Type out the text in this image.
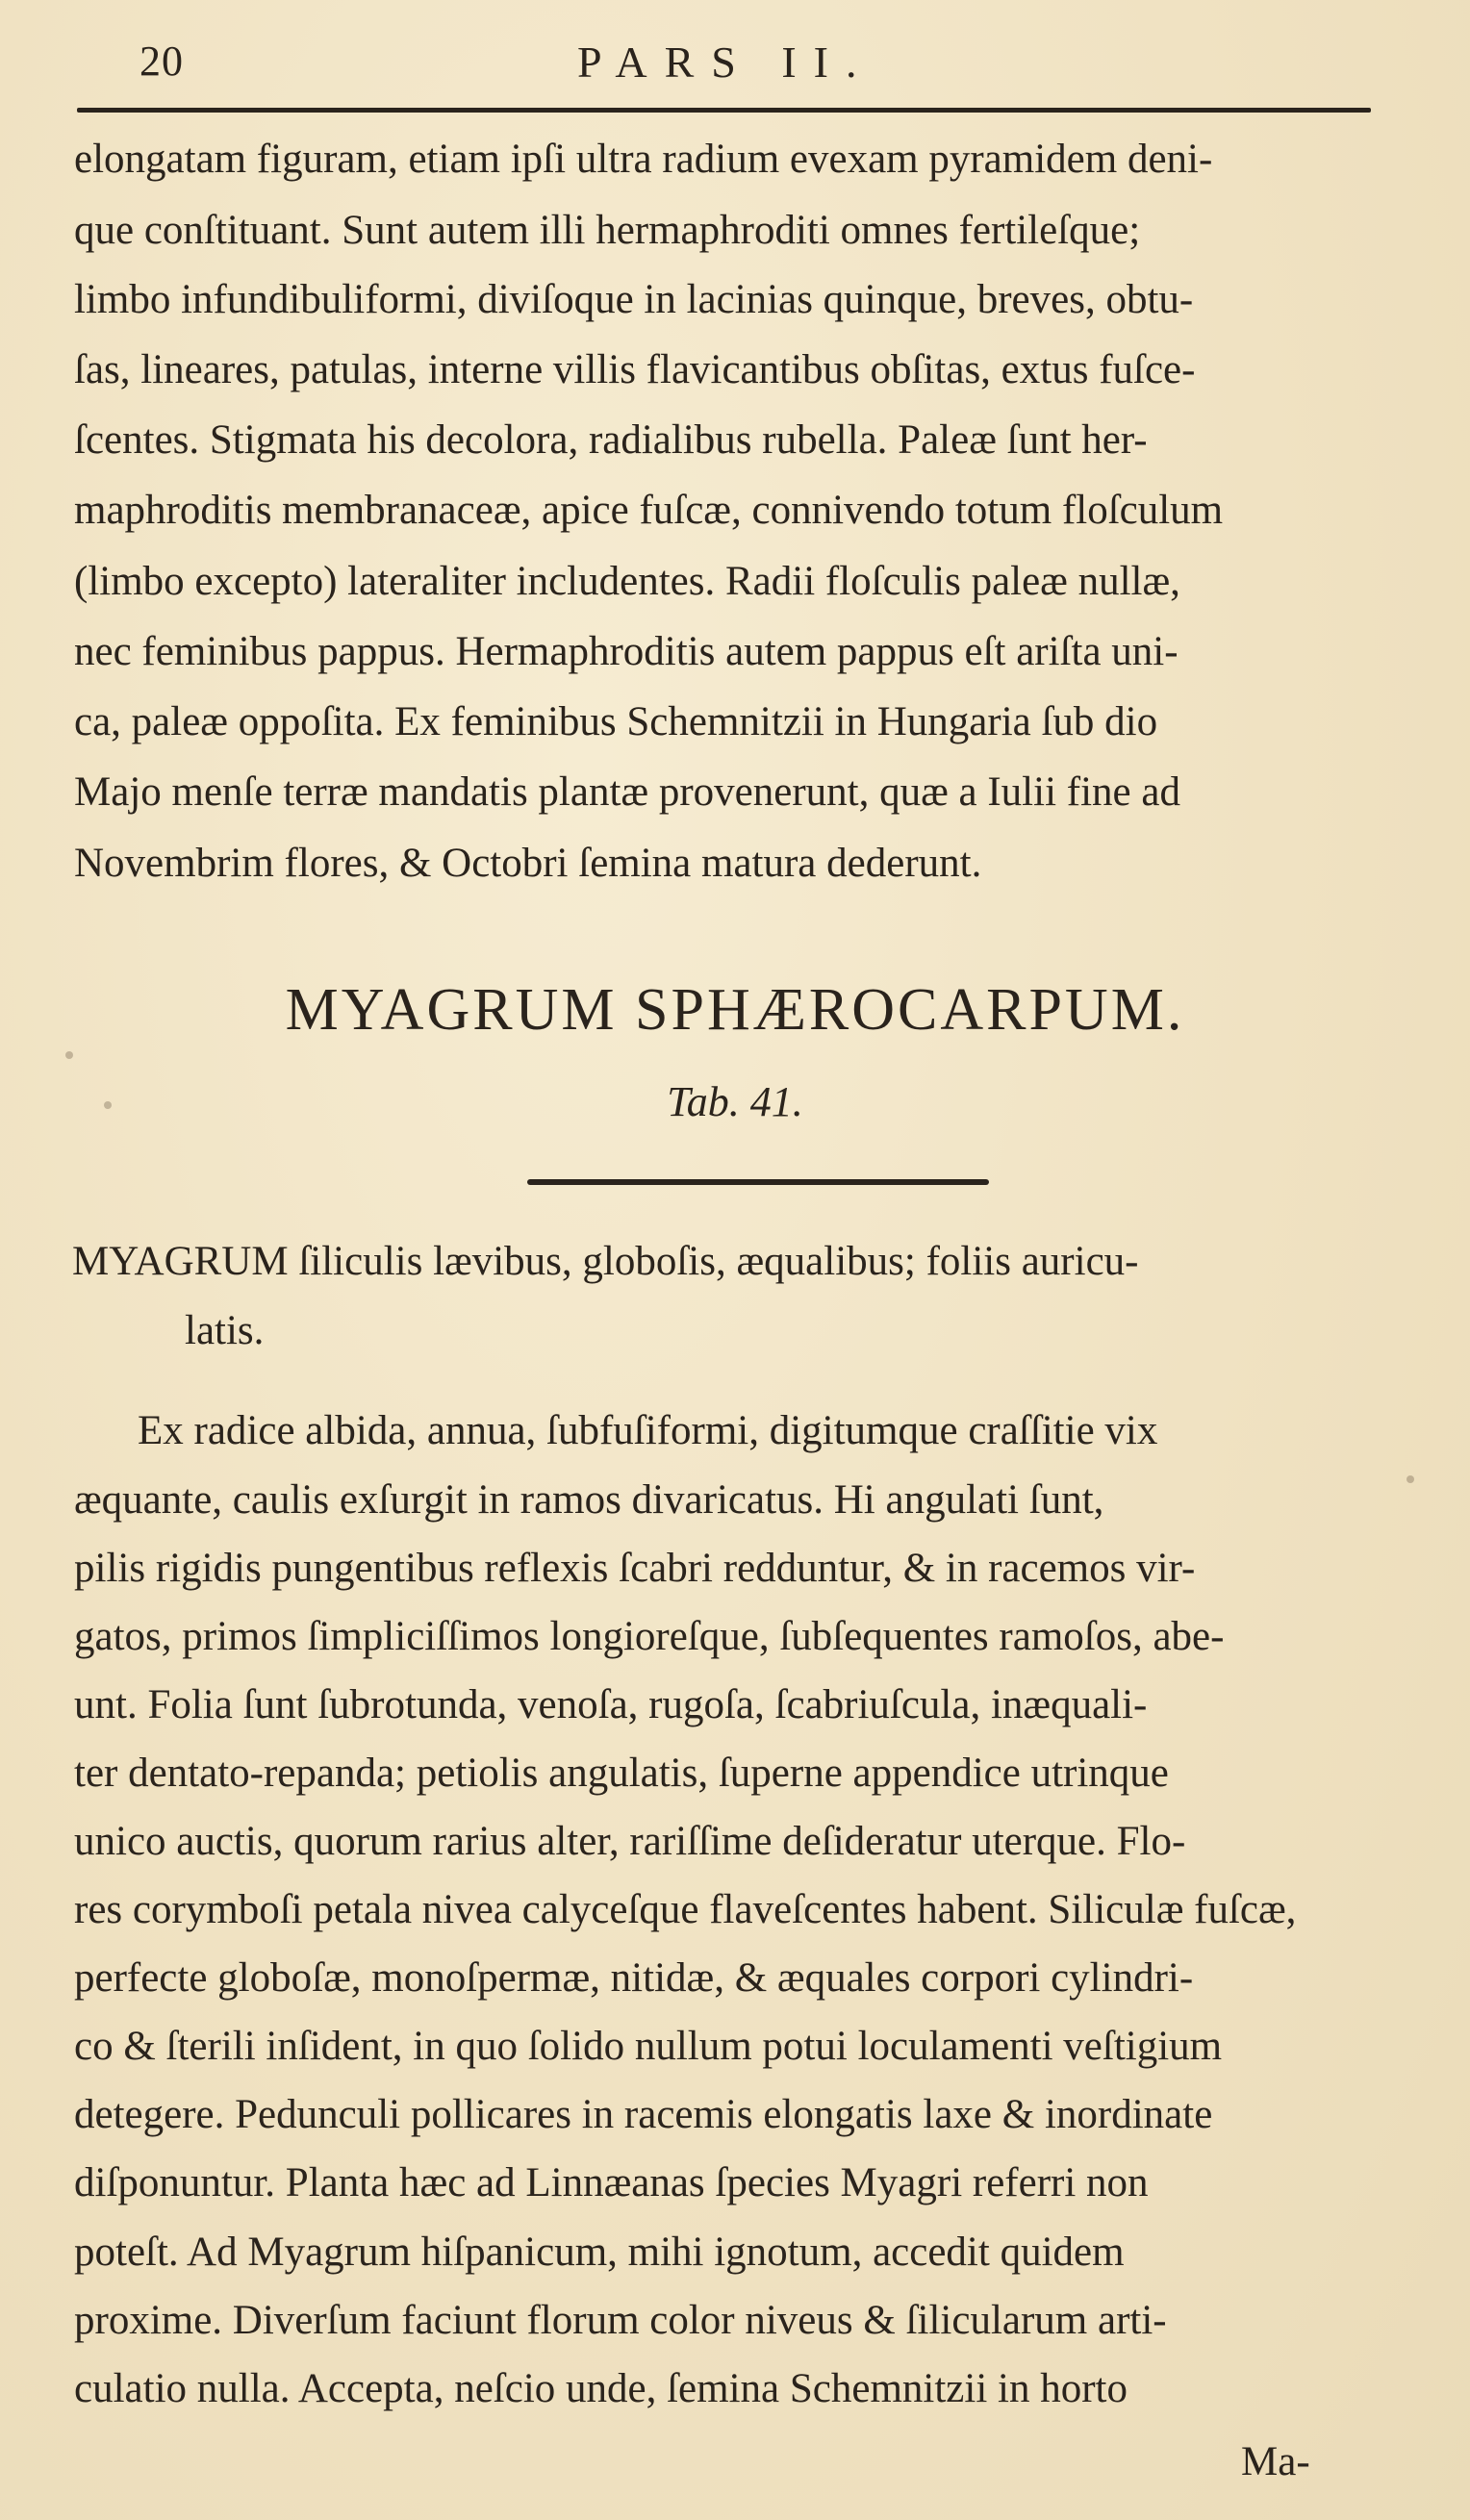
20	PARS II.
elongatam figuram, etiam ipſi ultra radium evexam pyramidem deni-
que conſtituant. Sunt autem illi hermaphroditi omnes fertileſque;
limbo infundibuliformi, diviſoque in lacinias quinque, breves, obtu-
ſas, lineares, patulas, interne villis flavicantibus obſitas, extus fuſce-
ſcentes. Stigmata his decolora, radialibus rubella. Paleæ ſunt her-
maphroditis membranaceæ, apice fuſcæ, connivendo totum floſculum
(limbo excepto) lateraliter includentes. Radii floſculis paleæ nullæ,
nec feminibus pappus. Hermaphroditis autem pappus eſt ariſta uni-
ca, paleæ oppoſita. Ex feminibus Schemnitzii in Hungaria ſub dio
Majo menſe terræ mandatis plantæ provenerunt, quæ a Iulii fine ad
Novembrim flores, & Octobri ſemina matura dederunt.
MYAGRUM SPHÆROCARPUM.
Tab. 41.
MYAGRUM ſiliculis lævibus, globoſis, æqualibus; foliis auricu-
latis.
Ex radice albida, annua, ſubfuſiformi, digitumque craſſitie vix
æquante, caulis exſurgit in ramos divaricatus. Hi angulati ſunt,
pilis rigidis pungentibus reflexis ſcabri redduntur, & in racemos vir-
gatos, primos ſimpliciſſimos longioreſque, ſubſequentes ramoſos, abe-
unt. Folia ſunt ſubrotunda, venoſa, rugoſa, ſcabriuſcula, inæquali-
ter dentato-repanda; petiolis angulatis, ſuperne appendice utrinque
unico auctis, quorum rarius alter, rariſſime deſideratur uterque. Flo-
res corymboſi petala nivea calyceſque flaveſcentes habent. Siliculæ fuſcæ,
perfecte globoſæ, monoſpermæ, nitidæ, & æquales corpori cylindri-
co & ſterili inſident, in quo ſolido nullum potui loculamenti veſtigium
detegere. Pedunculi pollicares in racemis elongatis laxe & inordinate
diſponuntur. Planta hæc ad Linnæanas ſpecies Myagri referri non
poteſt. Ad Myagrum hiſpanicum, mihi ignotum, accedit quidem
proxime. Diverſum faciunt florum color niveus & ſilicularum arti-
culatio nulla. Accepta, neſcio unde, ſemina Schemnitzii in horto
Ma-
